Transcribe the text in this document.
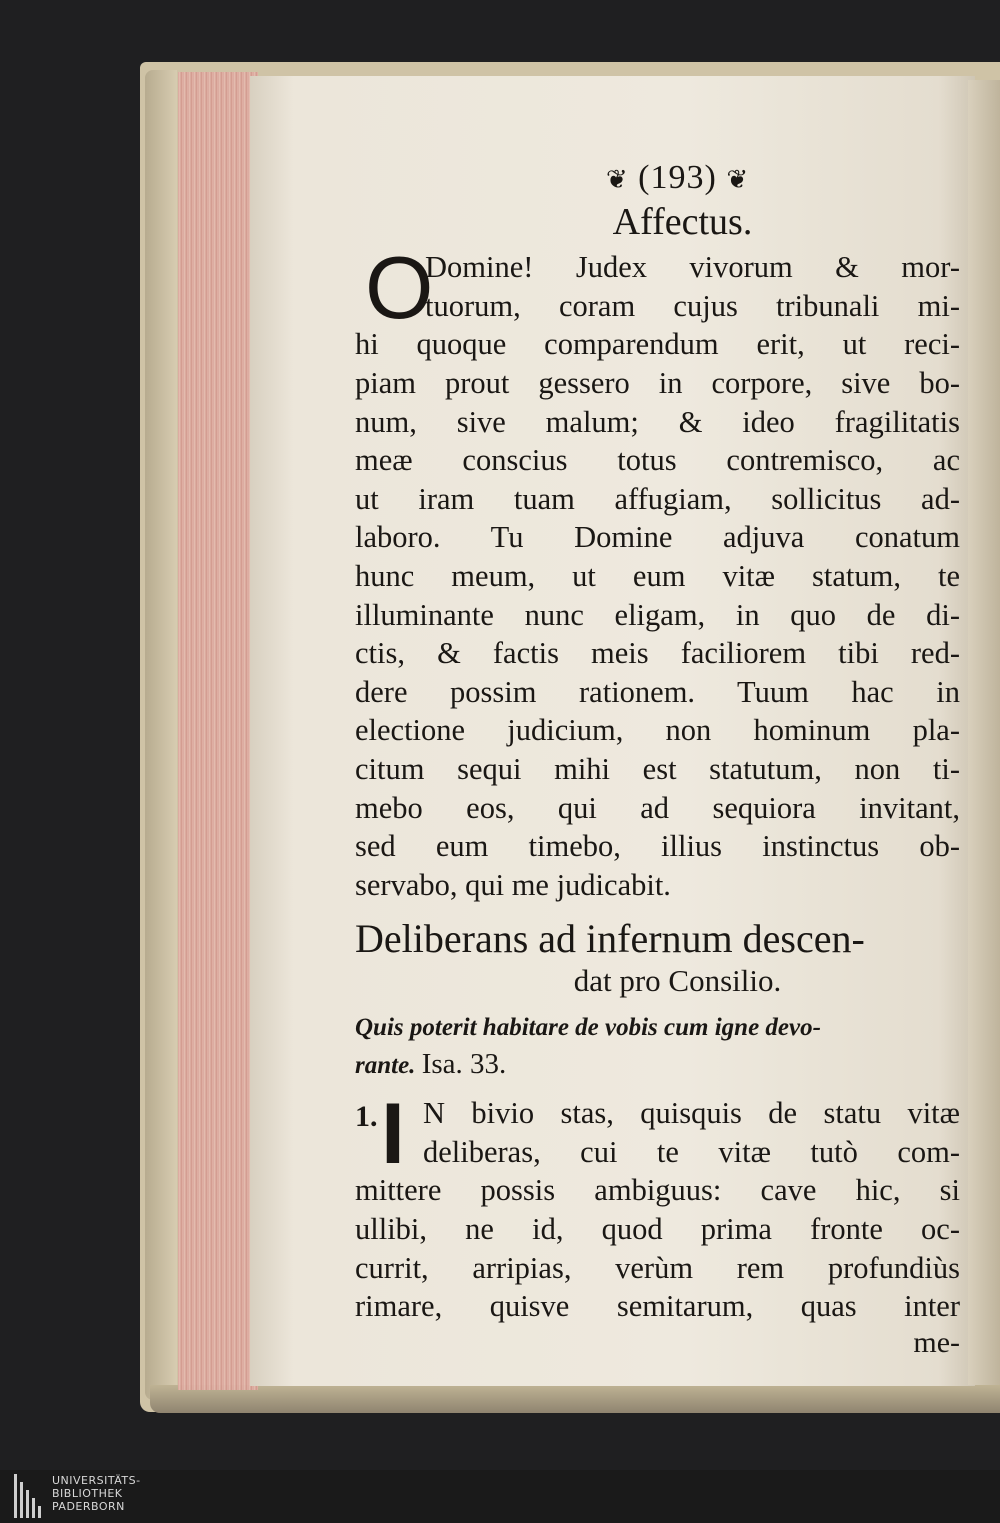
❦ (193) ❦
Affectus.
O
Domine! Judex vivorum & mor-
tuorum, coram cujus tribunali mi-
hi quoque comparendum erit, ut reci-
piam prout gessero in corpore, sive bo-
num, sive malum; & ideo fragilitatis
meæ conscius totus contremisco, ac
ut iram tuam affugiam, sollicitus ad-
laboro. Tu Domine adjuva conatum
hunc meum, ut eum vitæ statum, te
illuminante nunc eligam, in quo de di-
ctis, & factis meis faciliorem tibi red-
dere possim rationem. Tuum hac in
electione judicium, non hominum pla-
citum sequi mihi est statutum, non ti-
mebo eos, qui ad sequiora invitant,
sed eum timebo, illius instinctus ob-
servabo, qui me judicabit.
Deliberans ad infernum descen-
dat pro Consilio.
Quis poterit habitare de vobis cum igne devo-
rante. Isa. 33.
1. I N bivio stas, quisquis de statu vitæ
deliberas, cui te vitæ tutò com-
mittere possis ambiguus: cave hic, si
ullibi, ne id, quod prima fronte oc-
currit, arripias, verùm rem profundiùs
rimare, quisve semitarum, quas inter
me-
UNIVERSITÄTS-
BIBLIOTHEK
PADERBORN
